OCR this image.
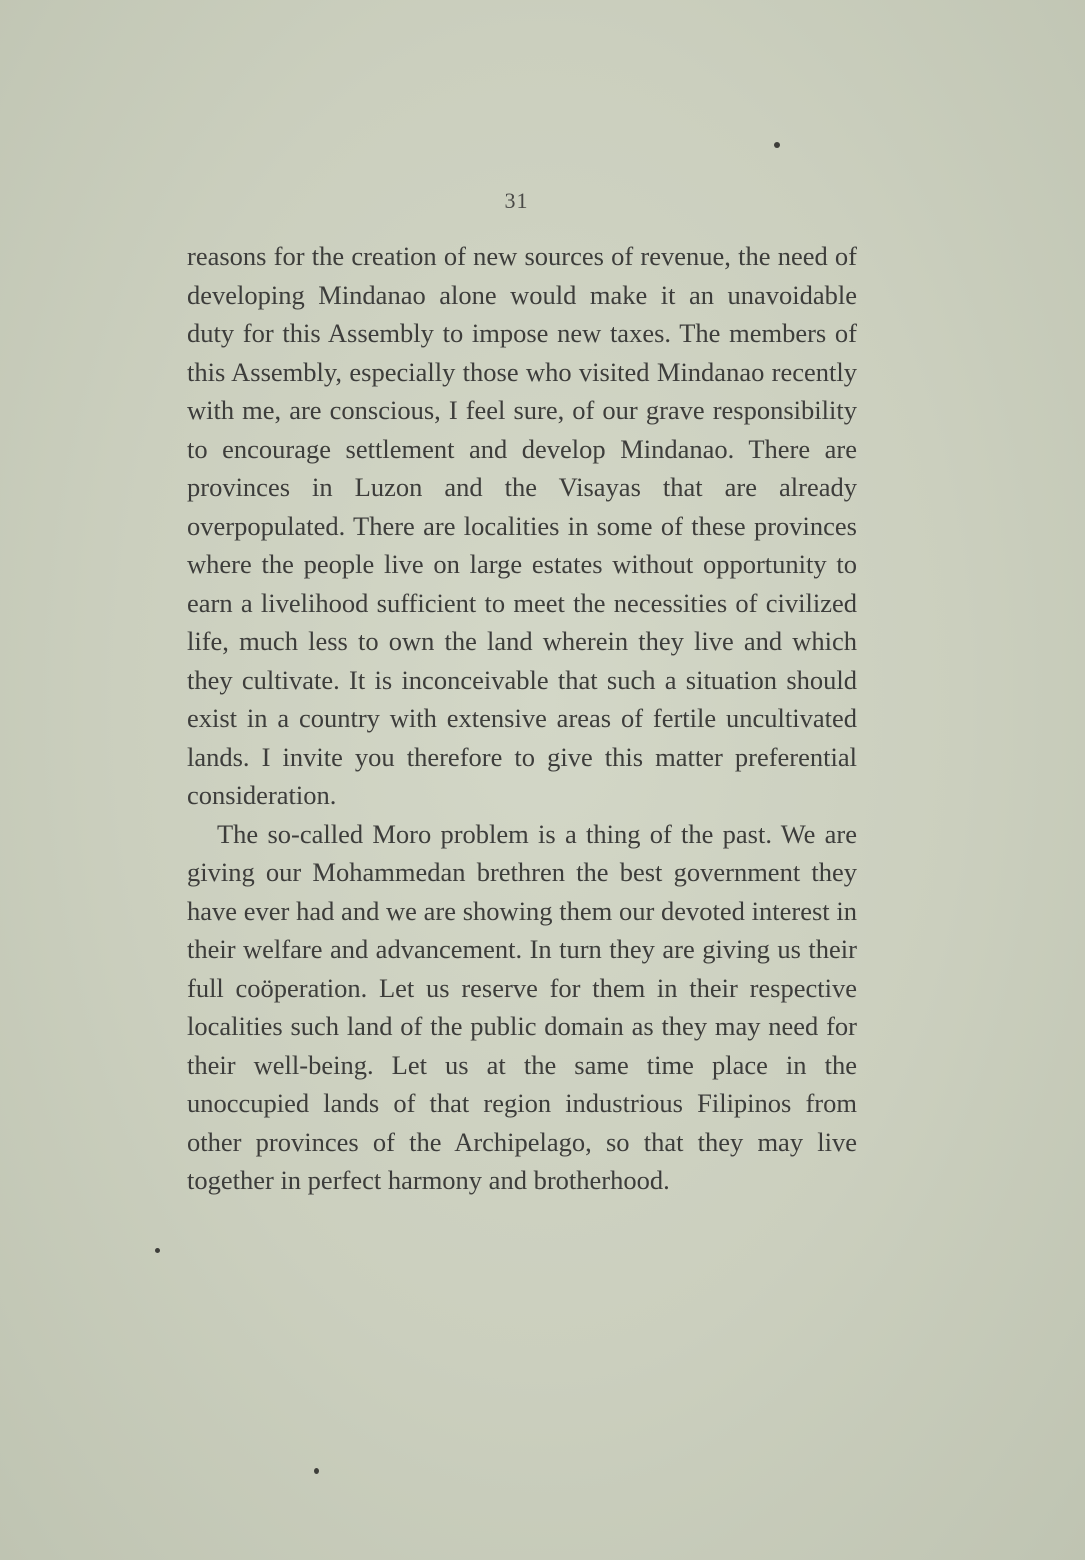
31

reasons for the creation of new sources of revenue, the need of developing Mindanao alone would make it an unavoidable duty for this Assembly to impose new taxes. The members of this Assembly, especially those who visited Mindanao recently with me, are conscious, I feel sure, of our grave responsibility to encourage settlement and develop Mindanao. There are provinces in Luzon and the Visayas that are already overpopulated. There are localities in some of these provinces where the people live on large estates without opportunity to earn a livelihood sufficient to meet the necessities of civilized life, much less to own the land wherein they live and which they cultivate. It is inconceivable that such a situation should exist in a country with extensive areas of fertile uncultivated lands. I invite you therefore to give this matter preferential consideration.

The so-called Moro problem is a thing of the past. We are giving our Mohammedan brethren the best government they have ever had and we are showing them our devoted interest in their welfare and advancement. In turn they are giving us their full coöperation. Let us reserve for them in their respective localities such land of the public domain as they may need for their well-being. Let us at the same time place in the unoccupied lands of that region industrious Filipinos from other provinces of the Archipelago, so that they may live together in perfect harmony and brotherhood.
